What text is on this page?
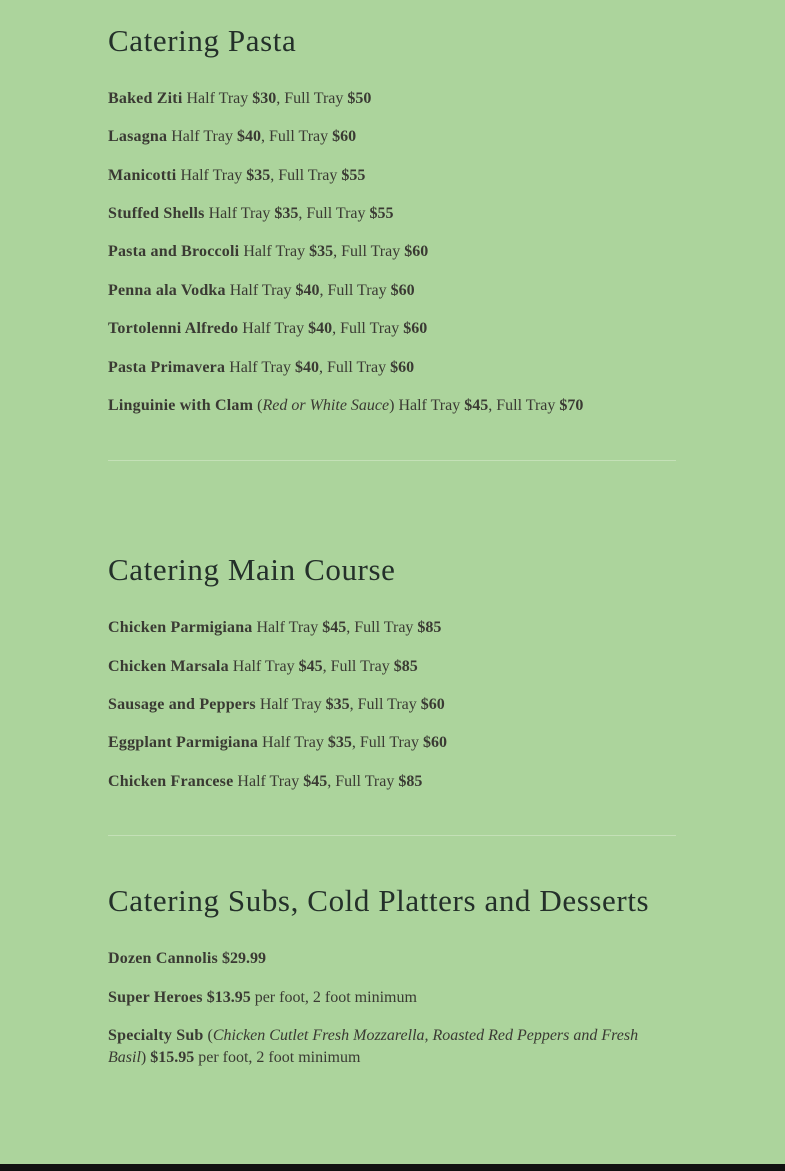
Catering Pasta

Baked Ziti Half Tray $30, Full Tray $50

Lasagna Half Tray $40, Full Tray $60

Manicotti Half Tray $35, Full Tray $55

Stuffed Shells Half Tray $35, Full Tray $55

Pasta and Broccoli Half Tray $35, Full Tray $60

Penna ala Vodka Half Tray $40, Full Tray $60

Tortolenni Alfredo Half Tray $40, Full Tray $60

Pasta Primavera Half Tray $40, Full Tray $60

Linguinie with Clam (Red or White Sauce) Half Tray $45, Full Tray $70

Catering Main Course

Chicken Parmigiana Half Tray $45, Full Tray $85

Chicken Marsala Half Tray $45, Full Tray $85

Sausage and Peppers Half Tray $35, Full Tray $60

Eggplant Parmigiana Half Tray $35, Full Tray $60

Chicken Francese Half Tray $45, Full Tray $85

Catering Subs, Cold Platters and Desserts

Dozen Cannolis $29.99

Super Heroes $13.95 per foot, 2 foot minimum

Specialty Sub (Chicken Cutlet Fresh Mozzarella, Roasted Red Peppers and Fresh Basil) $15.95 per foot, 2 foot minimum
